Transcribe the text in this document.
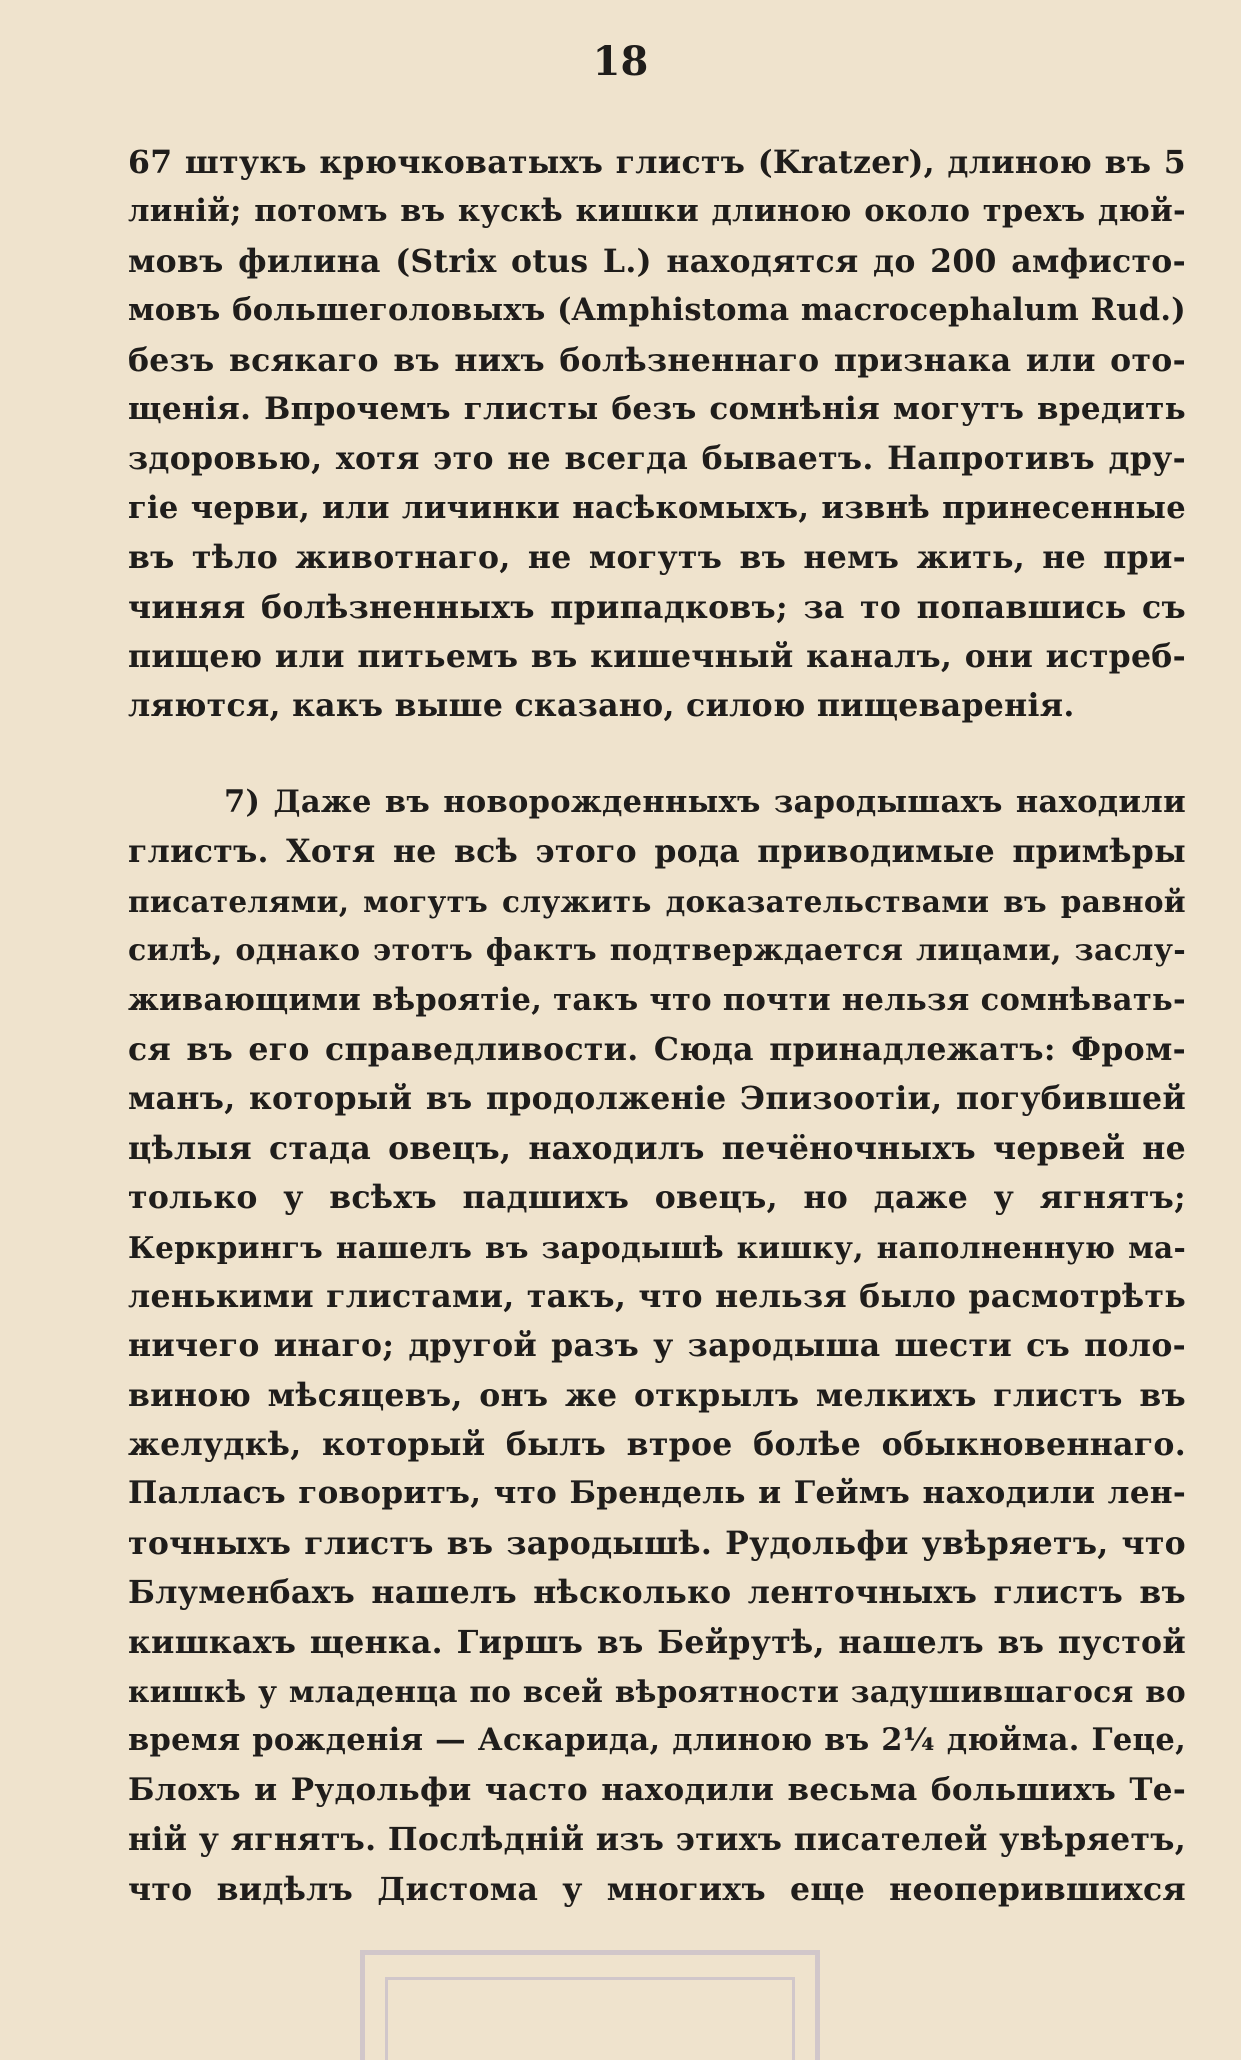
18
67 штукъ крючковатыхъ глистъ (Kratzer), длиною въ 5
линій; потомъ въ кускѣ кишки длиною около трехъ дюй-
мовъ филина (Strix otus L.) находятся до 200 амфисто-
мовъ большеголовыхъ (Amphistoma macrocephalum Rud.)
безъ всякаго въ нихъ болѣзненнаго признака или ото-
щенія. Впрочемъ глисты безъ сомнѣнія могутъ вредить
здоровью, хотя это не всегда бываетъ. Напротивъ дру-
гіе черви, или личинки насѣкомыхъ, извнѣ принесенные
въ тѣло животнаго, не могутъ въ немъ жить, не при-
чиняя болѣзненныхъ припадковъ; за то попавшись съ
пищею или питьемъ въ кишечный каналъ, они истреб-
ляются, какъ выше сказано, силою пищеваренія.
7) Даже въ новорожденныхъ зародышахъ находили
глистъ. Хотя не всѣ этого рода приводимые примѣры
писателями, могутъ служить доказательствами въ равной
силѣ, однако этотъ фактъ подтверждается лицами, заслу-
живающими вѣроятіе, такъ что почти нельзя сомнѣвать-
ся въ его справедливости. Сюда принадлежатъ: Фром-
манъ, который въ продолженіе Эпизоотіи, погубившей
цѣлыя стада овецъ, находилъ печёночныхъ червей не
только у всѣхъ падшихъ овецъ, но даже у ягнятъ;
Керкрингъ нашелъ въ зародышѣ кишку, наполненную ма-
ленькими глистами, такъ, что нельзя было расмотрѣть
ничего инаго; другой разъ у зародыша шести съ поло-
виною мѣсяцевъ, онъ же открылъ мелкихъ глистъ въ
желудкѣ, который былъ втрое болѣе обыкновеннаго.
Палласъ говоритъ, что Брендель и Геймъ находили лен-
точныхъ глистъ въ зародышѣ. Рудольфи увѣряетъ, что
Блуменбахъ нашелъ нѣсколько ленточныхъ глистъ въ
кишкахъ щенка. Гиршъ въ Бейрутѣ, нашелъ въ пустой
кишкѣ у младенца по всей вѣроятности задушившагося во
время рожденія — Аскарида, длиною въ 2¼ дюйма. Геце,
Блохъ и Рудольфи часто находили весьма большихъ Те-
ній у ягнятъ. Послѣдній изъ этихъ писателей увѣряетъ,
что видѣлъ Дистома у многихъ еще неоперившихся
